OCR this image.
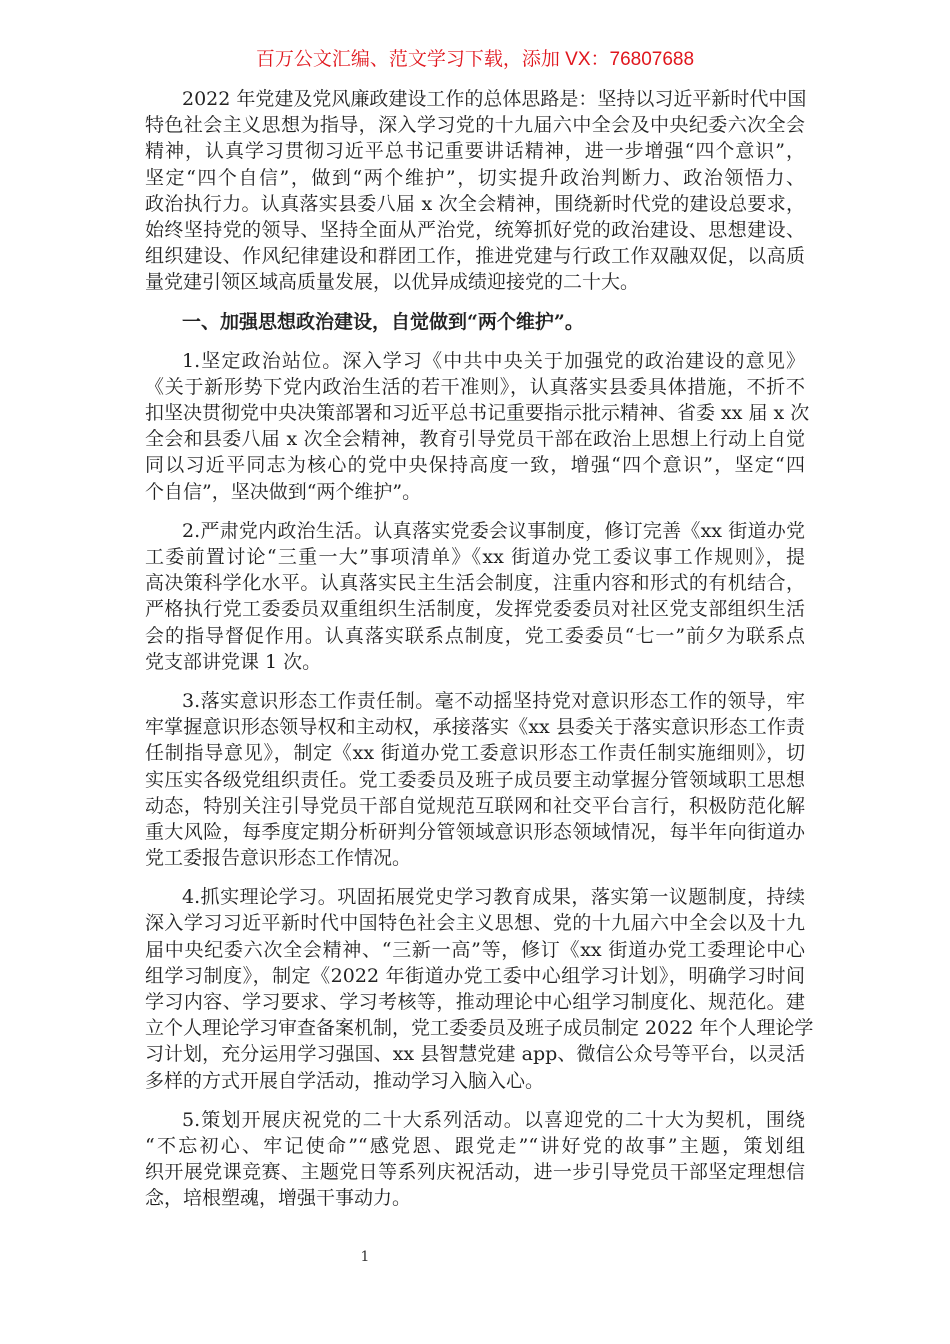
百万公文汇编、范文学习下载，添加 VX：76807688
2022 年党建及党风廉政建设工作的总体思路是：坚持以习近平新时代中国
特色社会主义思想为指导，深入学习党的十九届六中全会及中央纪委六次全会
精神，认真学习贯彻习近平总书记重要讲话精神，进一步增强“四个意识”，
坚定“四个自信”，做到“两个维护”，切实提升政治判断力、政治领悟力、
政治执行力。认真落实县委八届 x 次全会精神，围绕新时代党的建设总要求，
始终坚持党的领导、坚持全面从严治党，统筹抓好党的政治建设、思想建设、
组织建设、作风纪律建设和群团工作，推进党建与行政工作双融双促，以高质
量党建引领区域高质量发展，以优异成绩迎接党的二十大。
一、加强思想政治建设，自觉做到“两个维护”。
1.坚定政治站位。深入学习《中共中央关于加强党的政治建设的意见》
《关于新形势下党内政治生活的若干准则》，认真落实县委具体措施，不折不
扣坚决贯彻党中央决策部署和习近平总书记重要指示批示精神、省委 xx 届 x 次
全会和县委八届 x 次全会精神，教育引导党员干部在政治上思想上行动上自觉
同以习近平同志为核心的党中央保持高度一致，增强“四个意识”，坚定“四
个自信”，坚决做到“两个维护”。
2.严肃党内政治生活。认真落实党委会议事制度，修订完善《xx 街道办党
工委前置讨论“三重一大”事项清单》《xx 街道办党工委议事工作规则》，提
高决策科学化水平。认真落实民主生活会制度，注重内容和形式的有机结合，
严格执行党工委委员双重组织生活制度，发挥党委委员对社区党支部组织生活
会的指导督促作用。认真落实联系点制度，党工委委员“七一”前夕为联系点
党支部讲党课 1 次。
3.落实意识形态工作责任制。毫不动摇坚持党对意识形态工作的领导，牢
牢掌握意识形态领导权和主动权，承接落实《xx 县委关于落实意识形态工作责
任制指导意见》，制定《xx 街道办党工委意识形态工作责任制实施细则》，切
实压实各级党组织责任。党工委委员及班子成员要主动掌握分管领域职工思想
动态，特别关注引导党员干部自觉规范互联网和社交平台言行，积极防范化解
重大风险，每季度定期分析研判分管领域意识形态领域情况，每半年向街道办
党工委报告意识形态工作情况。
4.抓实理论学习。巩固拓展党史学习教育成果，落实第一议题制度，持续
深入学习习近平新时代中国特色社会主义思想、党的十九届六中全会以及十九
届中央纪委六次全会精神、“三新一高”等，修订《xx 街道办党工委理论中心
组学习制度》，制定《2022 年街道办党工委中心组学习计划》，明确学习时间
学习内容、学习要求、学习考核等，推动理论中心组学习制度化、规范化。建
立个人理论学习审查备案机制，党工委委员及班子成员制定 2022 年个人理论学
习计划，充分运用学习强国、xx 县智慧党建 app、微信公众号等平台，以灵活
多样的方式开展自学活动，推动学习入脑入心。
5.策划开展庆祝党的二十大系列活动。以喜迎党的二十大为契机，围绕
“不忘初心、牢记使命”“感党恩、跟党走”“讲好党的故事”主题，策划组
织开展党课竞赛、主题党日等系列庆祝活动，进一步引导党员干部坚定理想信
念，培根塑魂，增强干事动力。
1
